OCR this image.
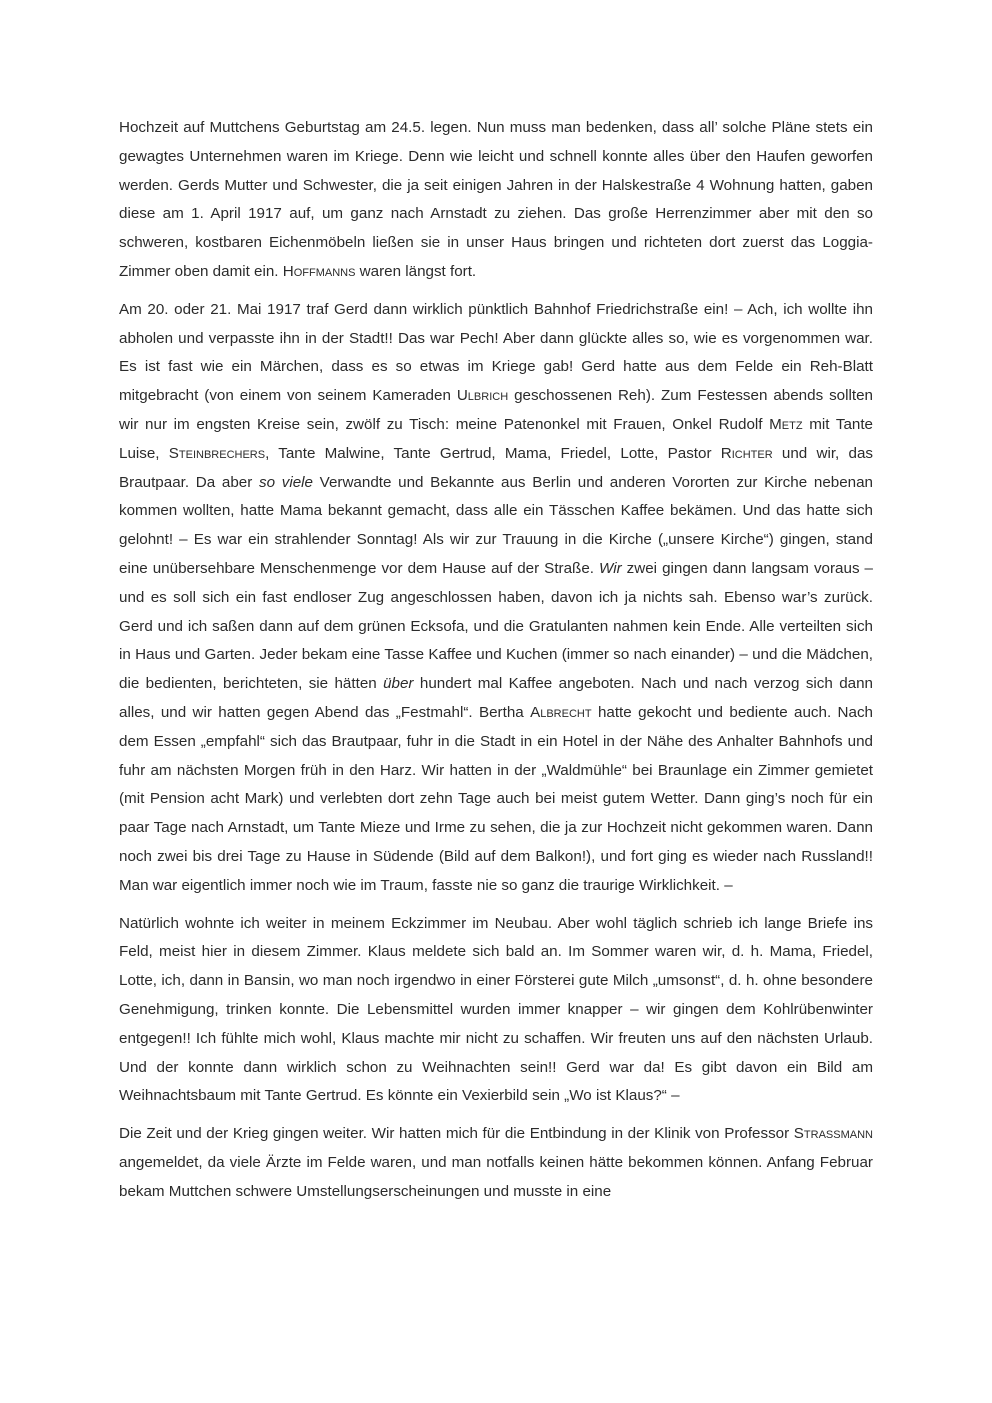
Hochzeit auf Muttchens Geburtstag am 24.5. legen. Nun muss man bedenken, dass all’ solche Pläne stets ein gewagtes Unternehmen waren im Kriege. Denn wie leicht und schnell konnte alles über den Haufen geworfen werden. Gerds Mutter und Schwester, die ja seit einigen Jahren in der Halskestraße 4 Wohnung hatten, gaben diese am 1. April 1917 auf, um ganz nach Arnstadt zu ziehen. Das große Herrenzimmer aber mit den so schweren, kostbaren Eichenmöbeln ließen sie in unser Haus bringen und richteten dort zuerst das Loggia-Zimmer oben damit ein. Hoffmanns waren längst fort.

Am 20. oder 21. Mai 1917 traf Gerd dann wirklich pünktlich Bahnhof Friedrichstraße ein! – Ach, ich wollte ihn abholen und verpasste ihn in der Stadt!! Das war Pech! Aber dann glückte alles so, wie es vorgenommen war. Es ist fast wie ein Märchen, dass es so etwas im Kriege gab! Gerd hatte aus dem Felde ein Reh-Blatt mitgebracht (von einem von seinem Kameraden Ulbrich geschossenen Reh). Zum Festessen abends sollten wir nur im engsten Kreise sein, zwölf zu Tisch: meine Patenonkel mit Frauen, Onkel Rudolf Metz mit Tante Luise, Steinbrechers, Tante Malwine, Tante Gertrud, Mama, Friedel, Lotte, Pastor Richter und wir, das Brautpaar. Da aber so viele Verwandte und Bekannte aus Berlin und anderen Vororten zur Kirche nebenan kommen wollten, hatte Mama bekannt gemacht, dass alle ein Tässchen Kaffee bekämen. Und das hatte sich gelohnt! – Es war ein strahlender Sonntag! Als wir zur Trauung in die Kirche („unsere Kirche“) gingen, stand eine unübersehbare Menschenmenge vor dem Hause auf der Straße. Wir zwei gingen dann langsam voraus – und es soll sich ein fast endloser Zug angeschlossen haben, davon ich ja nichts sah. Ebenso war’s zurück. Gerd und ich saßen dann auf dem grünen Ecksofa, und die Gratulanten nahmen kein Ende. Alle verteilten sich in Haus und Garten. Jeder bekam eine Tasse Kaffee und Kuchen (immer so nach einander) – und die Mädchen, die bedienten, berichteten, sie hätten über hundert mal Kaffee angeboten. Nach und nach verzog sich dann alles, und wir hatten gegen Abend das „Festmahl“. Bertha Albrecht hatte gekocht und bediente auch. Nach dem Essen „empfahl“ sich das Brautpaar, fuhr in die Stadt in ein Hotel in der Nähe des Anhalter Bahnhofs und fuhr am nächsten Morgen früh in den Harz. Wir hatten in der „Waldmühle“ bei Braunlage ein Zimmer gemietet (mit Pension acht Mark) und verlebten dort zehn Tage auch bei meist gutem Wetter. Dann ging’s noch für ein paar Tage nach Arnstadt, um Tante Mieze und Irme zu sehen, die ja zur Hochzeit nicht gekommen waren. Dann noch zwei bis drei Tage zu Hause in Südende (Bild auf dem Balkon!), und fort ging es wieder nach Russland!! Man war eigentlich immer noch wie im Traum, fasste nie so ganz die traurige Wirklichkeit. –

Natürlich wohnte ich weiter in meinem Eckzimmer im Neubau. Aber wohl täglich schrieb ich lange Briefe ins Feld, meist hier in diesem Zimmer. Klaus meldete sich bald an. Im Sommer waren wir, d. h. Mama, Friedel, Lotte, ich, dann in Bansin, wo man noch irgendwo in einer Försterei gute Milch „umsonst“, d. h. ohne besondere Genehmigung, trinken konnte. Die Lebensmittel wurden immer knapper – wir gingen dem Kohlrübenwinter entgegen!! Ich fühlte mich wohl, Klaus machte mir nicht zu schaffen. Wir freuten uns auf den nächsten Urlaub. Und der konnte dann wirklich schon zu Weihnachten sein!! Gerd war da! Es gibt davon ein Bild am Weihnachtsbaum mit Tante Gertrud. Es könnte ein Vexierbild sein „Wo ist Klaus?“ –

Die Zeit und der Krieg gingen weiter. Wir hatten mich für die Entbindung in der Klinik von Professor Straßmann angemeldet, da viele Ärzte im Felde waren, und man notfalls keinen hätte bekommen können. Anfang Februar bekam Muttchen schwere Umstellungserscheinungen und musste in eine
